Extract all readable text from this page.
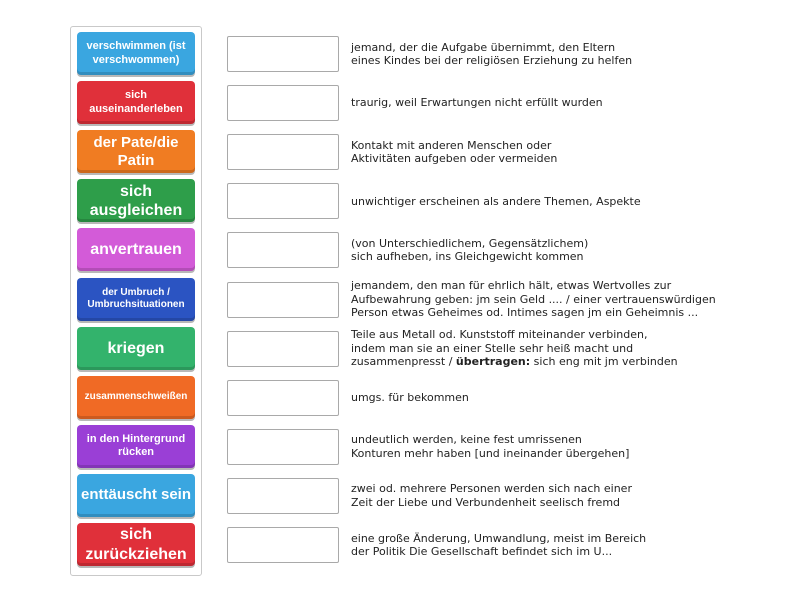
verschwimmen (ist verschwommen)
sich auseinanderleben
der Pate/die Patin
sich ausgleichen
anvertrauen
der Umbruch / Umbruchsituationen
kriegen
zusammenschweißen
in den Hintergrund rücken
enttäuscht sein
sich zurückziehen
jemand, der die Aufgabe übernimmt, den Eltern
eines Kindes bei der religiösen Erziehung zu helfen
traurig, weil Erwartungen nicht erfüllt wurden
Kontakt mit anderen Menschen oder
Aktivitäten aufgeben oder vermeiden
unwichtiger erscheinen als andere Themen, Aspekte
(von Unterschiedlichem, Gegensätzlichem)
sich aufheben, ins Gleichgewicht kommen
jemandem, den man für ehrlich hält, etwas Wertvolles zur
Aufbewahrung geben: jm sein Geld .... / einer vertrauenswürdigen
Person etwas Geheimes od. Intimes sagen jm ein Geheimnis ...
Teile aus Metall od. Kunststoff miteinander verbinden,
indem man sie an einer Stelle sehr heiß macht und
zusammenpresst / übertragen: sich eng mit jm verbinden
umgs. für bekommen
undeutlich werden, keine fest umrissenen
Konturen mehr haben [und ineinander übergehen]
zwei od. mehrere Personen werden sich nach einer
Zeit der Liebe und Verbundenheit seelisch fremd
eine große Änderung, Umwandlung, meist im Bereich
der Politik Die Gesellschaft befindet sich im U...
